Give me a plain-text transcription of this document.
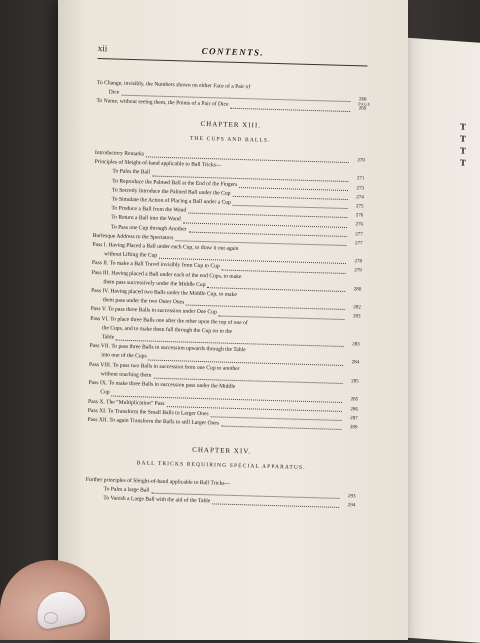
T
T
T
T
xii	CONTENTS.
PAGE
To Change, invisibly, the Numbers shown on either Face of a Pair of
Dice
268
To Name, without seeing them, the Points of a Pair of Dice
269
CHAPTER XIII.
THE CUPS AND BALLS.
Introductory Remarks
270
Principles of Sleight-of-hand applicable to Ball Tricks—
To Palm the Ball
271
To Reproduce the Palmed Ball at the End of the Fingers
273
To Secretly Introduce the Palmed Ball under the Cup
274
To Simulate the Action of Placing a Ball under a Cup
275
To Produce a Ball from the Wand
276
To Return a Ball into the Wand
276
To Pass one Cup through Another
277
Burlesque Address to the Spectators
277
Pass I. Having Placed a Ball under each Cup, to draw it out again
without Lifting the Cup
278
Pass II. To make a Ball Travel invisibly from Cup to Cup
279
Pass III. Having placed a Ball under each of the end Cups, to make
them pass successively under the Middle Cup
280
Pass IV. Having placed two Balls under the Middle Cup, to make
them pass under the two Outer Ones
282
Pass V. To pass three Balls in succession under One Cup
283
Pass VI. To place three Balls one after the other upon the top of one of
the Cups, and to make them fall through the Cup on to the
Table
283
Pass VII. To pass three Balls in succession upwards through the Table
into one of the Cups
284
Pass VIII. To pass two Balls in succession from one Cup to another
without touching them
285
Pass IX. To make three Balls in succession pass under the Middle
Cup
285
Pass X. The “Multiplication” Pass
286
Pass XI. To Transform the Small Balls to Larger Ones
287
Pass XII. To again Transform the Balls to still Larger Ones
289
CHAPTER XIV.
BALL TRICKS REQUIRING SPECIAL APPARATUS.
Further principles of Sleight-of-hand applicable to Ball Tricks—
To Palm a large Ball
293
To Vanish a Large Ball with the aid of the Table
294
